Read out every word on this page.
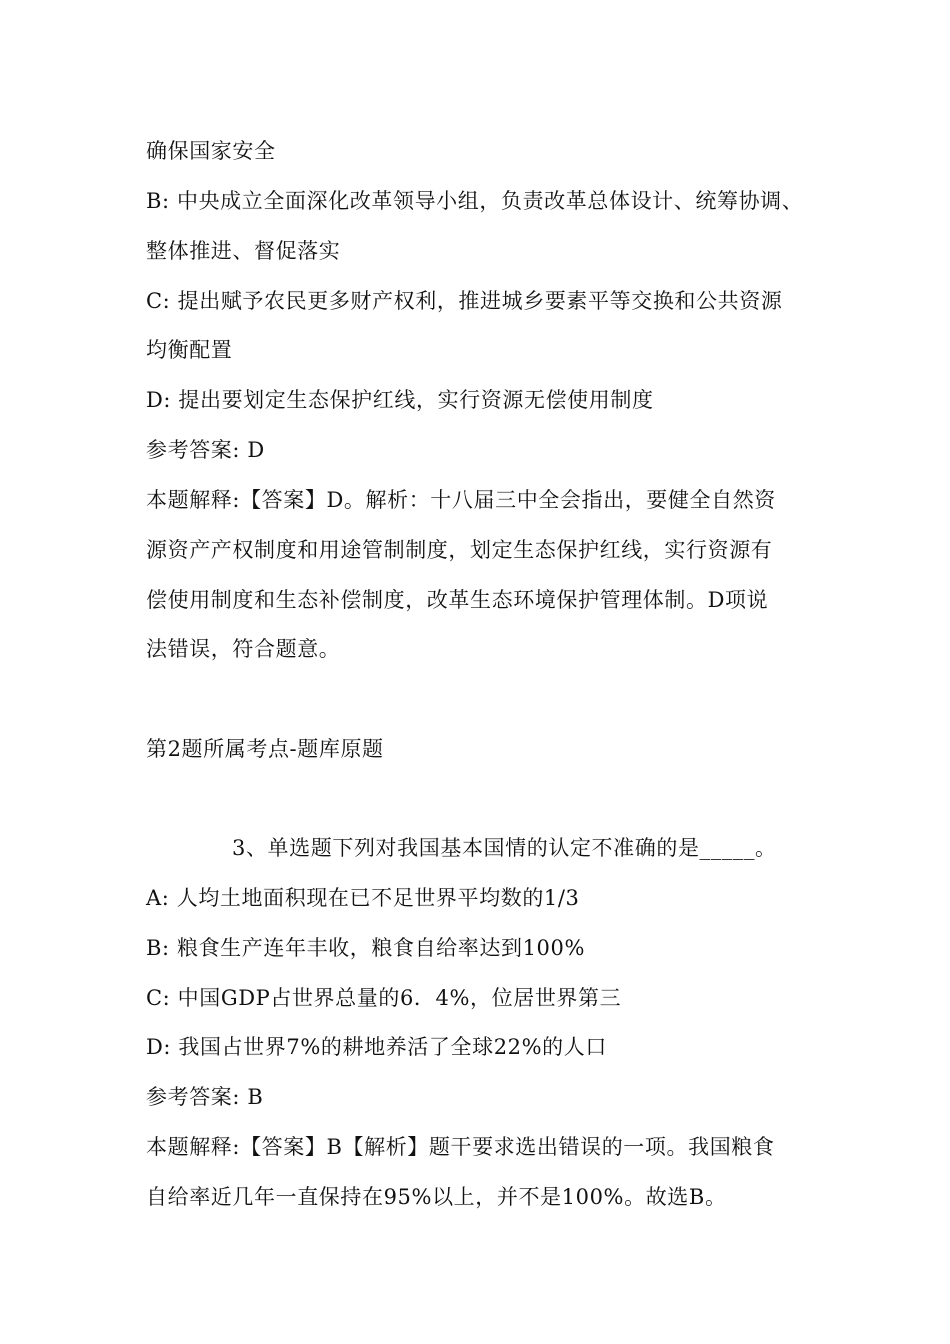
确保国家安全
B: 中央成立全面深化改革领导小组，负责改革总体设计、统筹协调、
整体推进、督促落实
C: 提出赋予农民更多财产权利，推进城乡要素平等交换和公共资源
均衡配置
D: 提出要划定生态保护红线，实行资源无偿使用制度
参考答案: D
本题解释:【答案】D。解析：十八届三中全会指出，要健全自然资
源资产产权制度和用途管制制度，划定生态保护红线，实行资源有
偿使用制度和生态补偿制度，改革生态环境保护管理体制。D项说
法错误，符合题意。
第2题所属考点-题库原题
3、单选题下列对我国基本国情的认定不准确的是_____。
A: 人均土地面积现在已不足世界平均数的1/3
B: 粮食生产连年丰收，粮食自给率达到100%
C: 中国GDP占世界总量的6．4%，位居世界第三
D: 我国占世界7%的耕地养活了全球22%的人口
参考答案: B
本题解释:【答案】B【解析】题干要求选出错误的一项。我国粮食
自给率近几年一直保持在95%以上，并不是100%。故选B。
